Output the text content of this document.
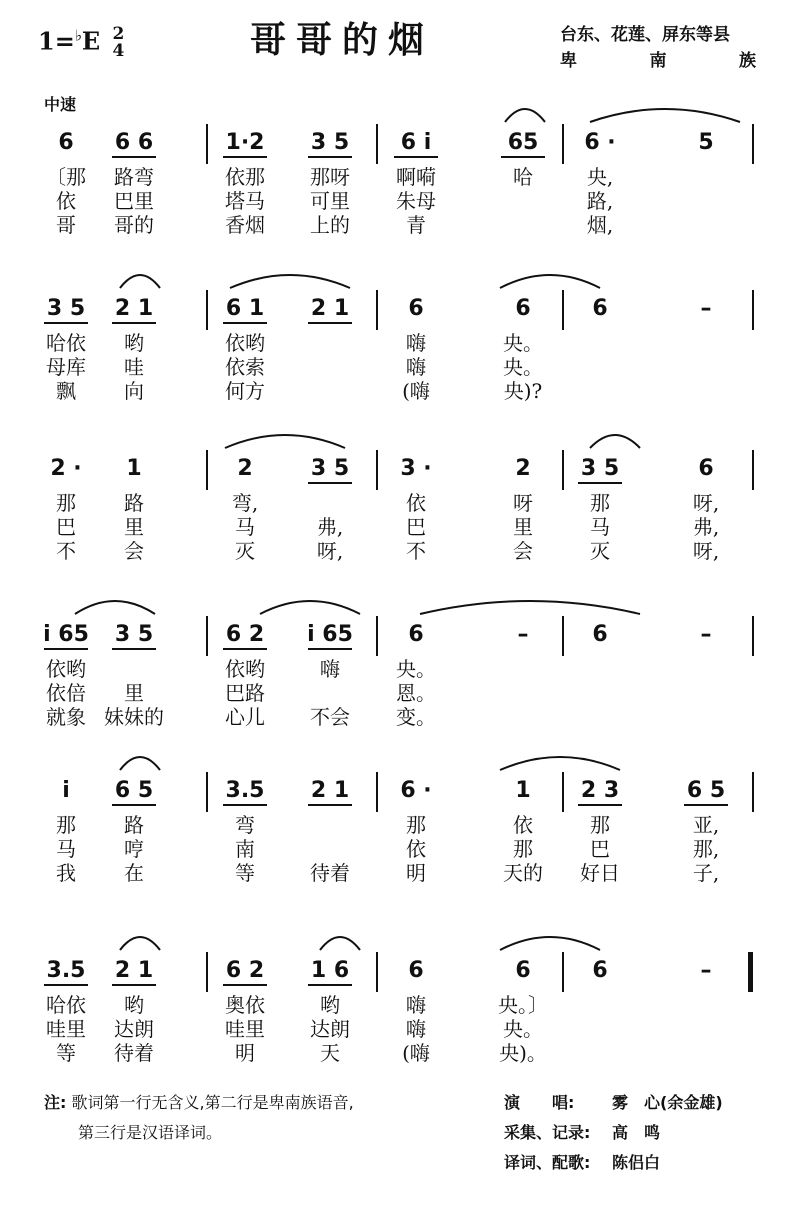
1=♭E 2
4	哥哥的烟	台东、花莲、屏东等县
卑	南	族
中速
6 6 6	1·2 3 5 6 i	65 6 ·	5
〔那 路弯	依那 那呀 啊嗬	哈	央,
依 巴里	塔马 可里 朱母	路,
哥 哥的	香烟 上的	青	烟,
3 5 2 1	6 1 2 1	6	6	6	–
哈依 哟	依哟	嗨	央。
母库 哇	依索	嗨	央。
飘 向	何方	(嗨	央)?
2 · 1	2	3 5 3 ·	2 3 5	6
那 路	弯,	依	呀	那	呀,
巴 里	马	弗,	巴	里	马	弗,
不 会	灭	呀,	不	会	灭	呀,
i 65 3 5	6 2 i 65	6	–	6	–
依哟	依哟	嗨	央。
依倍 里	巴路	恩。
就象 妹妹的	心儿 不会 变。
i 6 5	3.5 2 1 6 ·	1 2 3	6 5
那 路	弯	那	依	那	亚,
马 哼	南	依	那	巴	那,
我 在	等	待着	明	天的 好日	子,
3.5 2 1	6 2 1 6	6	6	6	–
哈依 哟	奥依	哟	嗨	央。〕
哇里 达朗	哇里 达朗	嗨	央。
等 待着	明	天	(嗨	央)。
注: 歌词第一行无含义,第二行是卑南族语音,
第三行是汉语译词。
演　　唱:	雾　心(余金雄)
采集、记录:	高　鸣
译词、配歌:	陈侣白
